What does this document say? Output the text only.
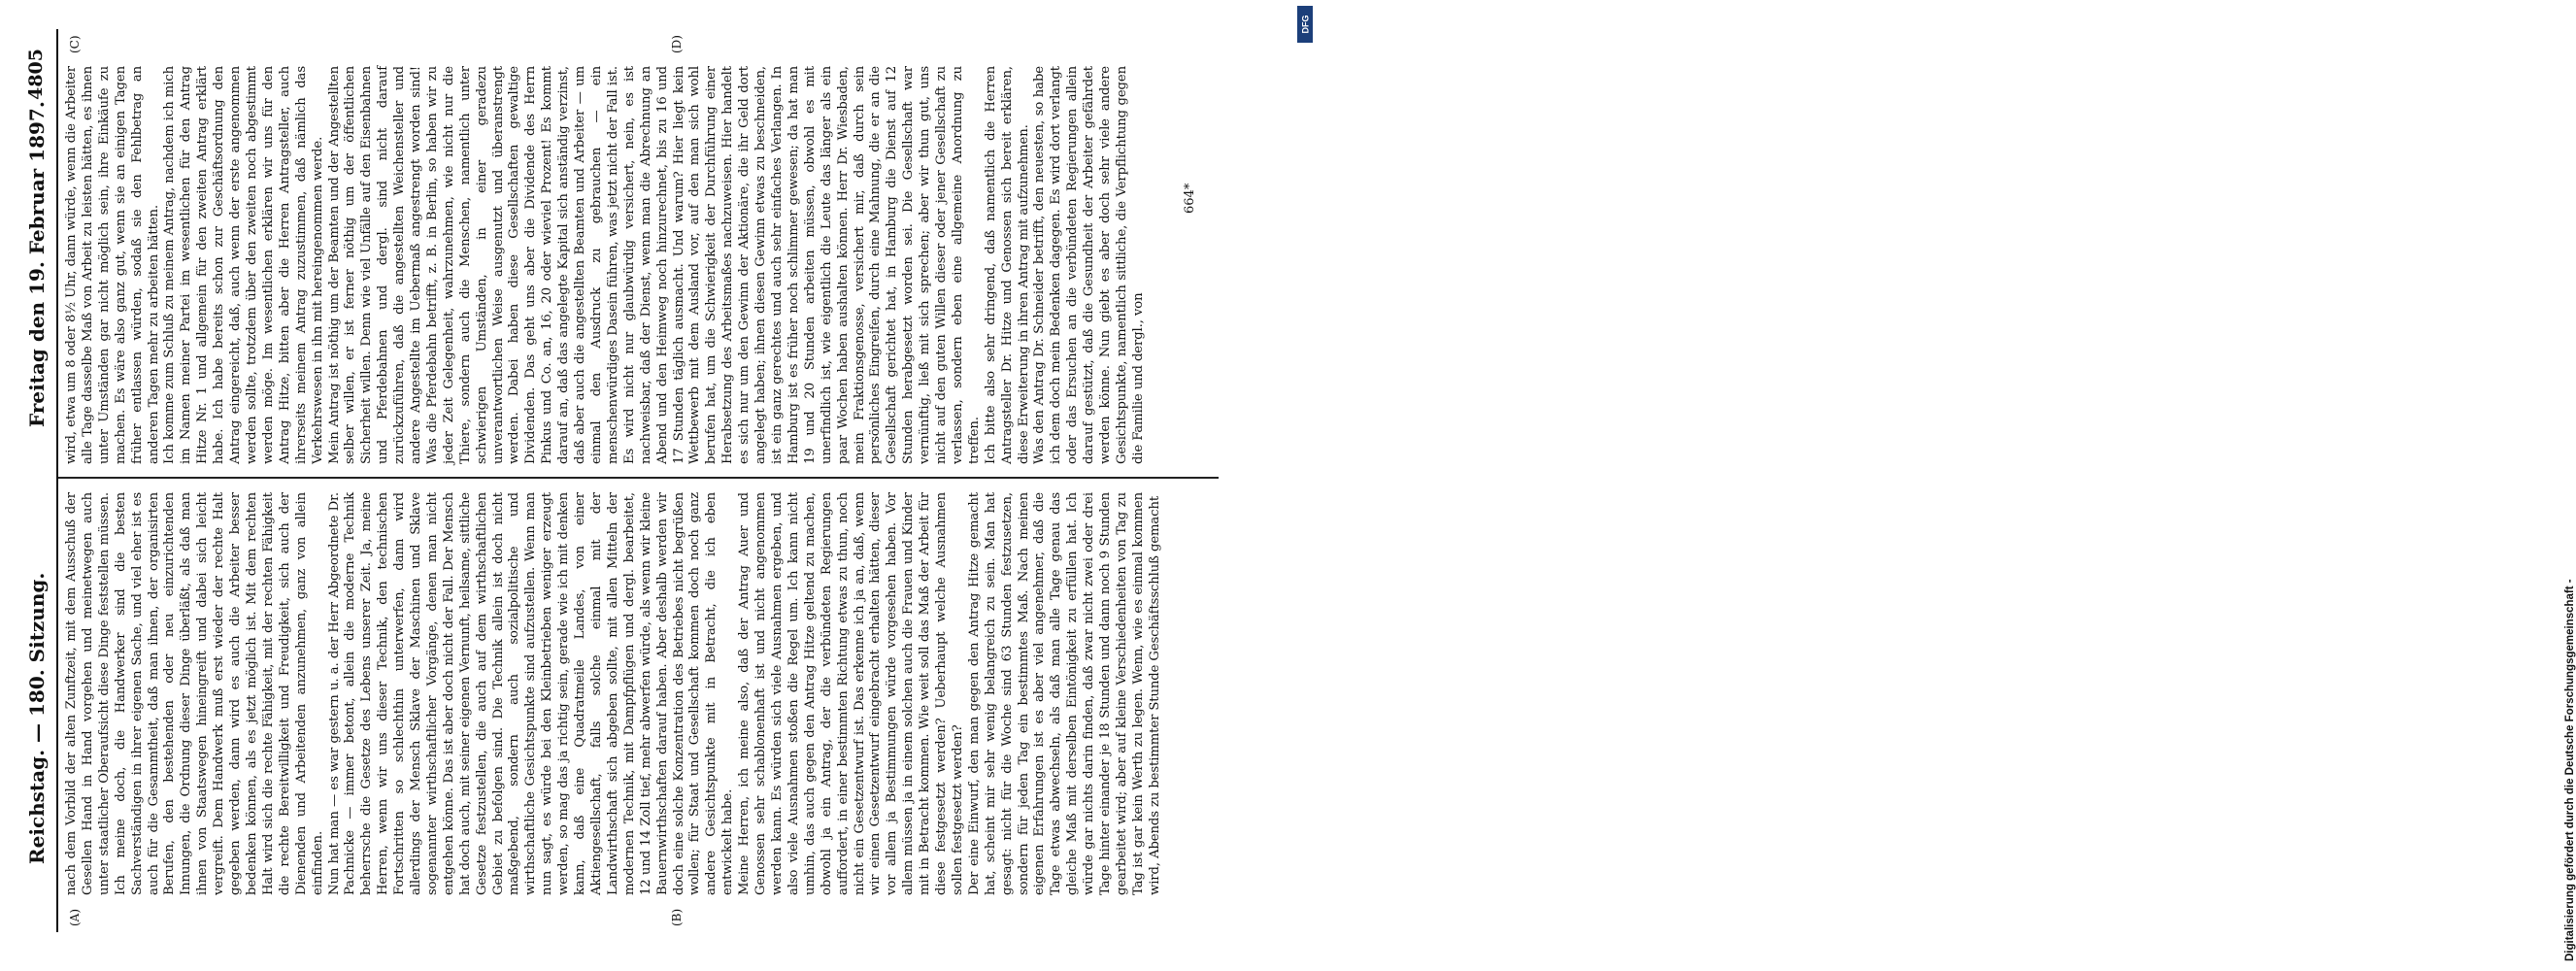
Reichstag. — 180. Sitzung.
Freitag den 19. Februar 1897.
4805
(A)	(B)
(C)	(D)
nach dem Vorbild der alten Zunftzeit, mit dem Ausschuß der Gesellen Hand in Hand vorgehen und meinetwegen auch unter staatlicher Oberaufsicht diese Dinge feststellen müssen. Ich meine doch, die Handwerker sind die besten Sachverständigen in ihrer eigenen Sache, und viel eher ist es auch für die Gesammtheit, daß man ihnen, der organisirten Berufen, den bestehenden oder neu einzurichtenden Innungen, die Ordnung dieser Dinge überläßt, als daß man ihnen von Staatswegen hineingreift und dabei sich leicht vergreift. Dem Handwerk muß erst wieder der rechte Halt gegeben werden, dann wird es auch die Arbeiter besser bedenken können, als es jetzt möglich ist. Mit dem rechten Halt wird sich die rechte Fähigkeit, mit der rechten Fähigkeit die rechte Bereitwilligkeit und Freudigkeit, sich auch der Dienenden und Arbeitenden anzunehmen, ganz von allein einfinden.
Nun hat man — es war gestern u. a. der Herr Abgeordnete Dr. Pachnicke — immer betont, allein die moderne Technik beherrsche die Gesetze des Lebens unserer Zeit. Ja, meine Herren, wenn wir uns dieser Technik, den technischen Fortschritten so schlechthin unterwerfen, dann wird allerdings der Mensch Sklave der Maschinen und Sklave sogenannter wirthschaftlicher Vorgänge, denen man nicht entgehen könne. Das ist aber doch nicht der Fall. Der Mensch hat doch auch, mit seiner eigenen Vernunft, heilsame, sittliche Gesetze festzustellen, die auch auf dem wirthschaftlichen Gebiet zu befolgen sind. Die Technik allein ist doch nicht maßgebend, sondern auch sozialpolitische und wirthschaftliche Gesichtspunkte sind aufzustellen. Wenn man nun sagt, es würde bei den Kleinbetrieben weniger erzeugt werden, so mag das ja richtig sein, gerade wie ich mit denken kann, daß eine Quadratmeile Landes, von einer Aktiengesellschaft, falls solche einmal mit der Landwirthschaft sich abgeben sollte, mit allen Mitteln der modernen Technik, mit Dampfpflügen und dergl. bearbeitet, 12 und 14 Zoll tief, mehr abwerfen würde, als wenn wir kleine Bauernwirthschaften darauf haben. Aber deshalb werden wir doch eine solche Konzentration des Betriebes nicht begrüßen wollen; für Staat und Gesellschaft kommen doch noch ganz andere Gesichtspunkte mit in Betracht, die ich eben entwickelt habe.
Meine Herren, ich meine also, daß der Antrag Auer und Genossen sehr schablonenhaft ist und nicht angenommen werden kann. Es würden sich viele Ausnahmen ergeben, und also viele Ausnahmen stoßen die Regel um. Ich kann nicht umhin, das auch gegen den Antrag Hitze geltend zu machen, obwohl ja ein Antrag, der die verbündeten Regierungen auffordert, in einer bestimmten Richtung etwas zu thun, noch nicht ein Gesetzentwurf ist. Das erkenne ich ja an, daß, wenn wir einen Gesetzentwurf eingebracht erhalten hätten, dieser vor allem ja Bestimmungen würde vorgesehen haben. Vor allem müssen ja in einem solchen auch die Frauen und Kinder mit in Betracht kommen. Wie weit soll das Maß der Arbeit für diese festgesetzt werden? Ueberhaupt welche Ausnahmen sollen festgesetzt werden?
Der eine Einwurf, den man gegen den Antrag Hitze gemacht hat, scheint mir sehr wenig belangreich zu sein. Man hat gesagt: nicht für die Woche sind 63 Stunden festzusetzen, sondern für jeden Tag ein bestimmtes Maß. Nach meinen eigenen Erfahrungen ist es aber viel angenehmer, daß die Tage etwas abwechseln, als daß man alle Tage genau das gleiche Maß mit derselben Eintönigkeit zu erfüllen hat. Ich würde gar nichts darin finden, daß zwar nicht zwei oder drei Tage hinter einander je 18 Stunden und dann noch 9 Stunden gearbeitet wird; aber auf kleine Verschiedenheiten von Tag zu Tag ist gar kein Werth zu legen. Wenn, wie es einmal kommen wird, Abends zu bestimmter Stunde Geschäftsschluß gemacht
wird, etwa um 8 oder 8½ Uhr, dann würde, wenn die Arbeiter alle Tage dasselbe Maß von Arbeit zu leisten hätten, es ihnen unter Umständen gar nicht möglich sein, ihre Einkäufe zu machen. Es wäre also ganz gut, wenn sie an einigen Tagen früher entlassen würden, sodaß sie den Fehlbetrag an anderen Tagen mehr zu arbeiten hätten.
Ich komme zum Schluß zu meinem Antrag, nachdem ich mich im Namen meiner Partei im wesentlichen für den Antrag Hitze Nr. 1 und allgemein für den zweiten Antrag erklärt habe. Ich habe bereits schon zur Geschäftsordnung den Antrag eingereicht, daß, auch wenn der erste angenommen werden sollte, trotzdem über den zweiten noch abgestimmt werden möge. Im wesentlichen erklären wir uns für den Antrag Hitze, bitten aber die Herren Antragsteller, auch ihrerseits meinem Antrag zuzustimmen, daß nämlich das Verkehrswesen in ihn mit hereingenommen werde.
Mein Antrag ist nöthig um der Beamten und der Angestellten selber willen, er ist ferner nöthig um der öffentlichen Sicherheit willen. Denn wie viel Unfälle auf den Eisenbahnen und Pferdebahnen und dergl. sind nicht darauf zurückzuführen, daß die angestellten Weichensteller und andere Angestellte im Uebermaß angestrengt worden sind! Was die Pferdebahn betrifft, z. B. in Berlin, so haben wir zu jeder Zeit Gelegenheit, wahrzunehmen, wie nicht nur die Thiere, sondern auch die Menschen, namentlich unter schwierigen Umständen, in einer geradezu unverantwortlichen Weise ausgenutzt und überanstrengt werden. Dabei haben diese Gesellschaften gewaltige Dividenden. Das geht uns aber die Dividende des Herrn Pinkus und Co. an, 16, 20 oder wieviel Prozent! Es kommt darauf an, daß das angelegte Kapital sich anständig verzinst, daß aber auch die angestellten Beamten und Arbeiter — um einmal den Ausdruck zu gebrauchen — ein menschenwürdiges Dasein führen, was jetzt nicht der Fall ist. Es wird nicht nur glaubwürdig versichert, nein, es ist nachweisbar, daß der Dienst, wenn man die Abrechnung an Abend und den Heimweg noch hinzurechnet, bis zu 16 und 17 Stunden täglich ausmacht. Und warum? Hier liegt kein Wettbewerb mit dem Ausland vor, auf den man sich wohl berufen hat, um die Schwierigkeit der Durchführung einer Herabsetzung des Arbeitsmaßes nachzuweisen. Hier handelt es sich nur um den Gewinn der Aktionäre, die ihr Geld dort angelegt haben; ihnen diesen Gewinn etwas zu beschneiden, ist ein ganz gerechtes und auch sehr einfaches Verlangen. In Hamburg ist es früher noch schlimmer gewesen; da hat man 19 und 20 Stunden arbeiten müssen, obwohl es mit unerfindlich ist, wie eigentlich die Leute das länger als ein paar Wochen haben aushalten können. Herr Dr. Wiesbaden, mein Fraktionsgenosse, versichert mir, daß durch sein persönliches Eingreifen, durch eine Mahnung, die er an die Gesellschaft gerichtet hat, in Hamburg die Dienst auf 12 Stunden herabgesetzt worden sei. Die Gesellschaft war vernünftig, ließ mit sich sprechen; aber wir thun gut, uns nicht auf den guten Willen dieser oder jener Gesellschaft zu verlassen, sondern eben eine allgemeine Anordnung zu treffen.
Ich bitte also sehr dringend, daß namentlich die Herren Antragsteller Dr. Hitze und Genossen sich bereit erklären, diese Erweiterung in ihren Antrag mit aufzunehmen.
Was den Antrag Dr. Schneider betrifft, den neuesten, so habe ich dem doch mein Bedenken dagegen. Es wird dort verlangt oder das Ersuchen an die verbündeten Regierungen allein darauf gestützt, daß die Gesundheit der Arbeiter gefährdet werden könne. Nun giebt es aber doch sehr viele andere Gesichtspunkte, namentlich sittliche, die Verpflichtung gegen die Familie und dergl., von
664*
Digitalisierung gefördert durch die Deutsche Forschungsgemeinschaft -
DFG
